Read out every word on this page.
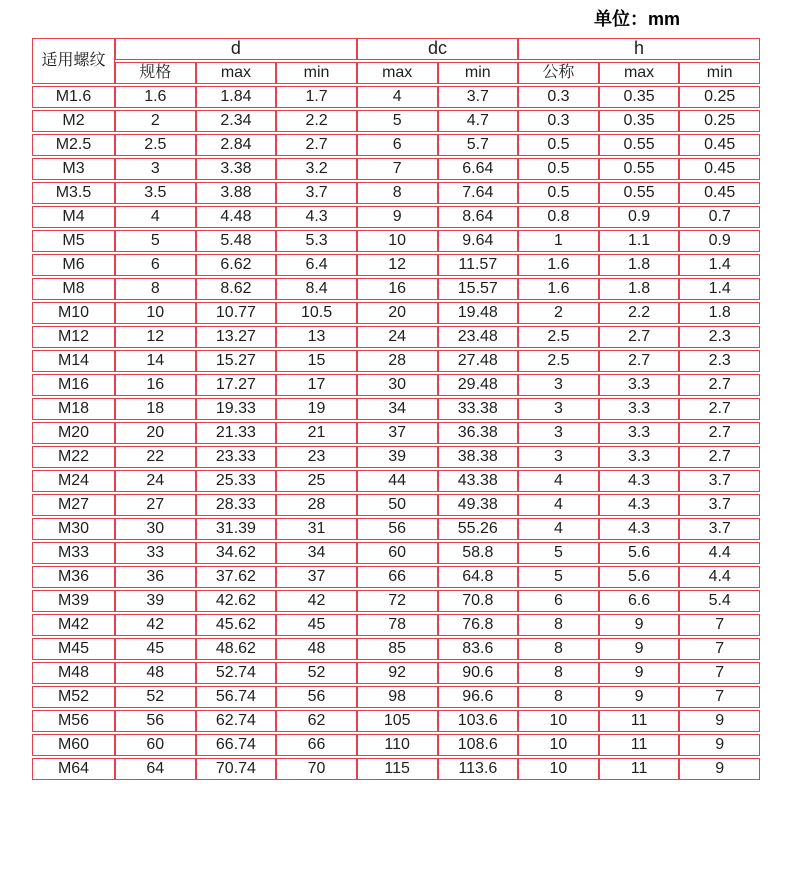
单位：mm
适用螺纹	d			dc		h		
	规格	max	min	max	min	公称	max	min
M1.6	1.6	1.84	1.7	4	3.7	0.3	0.35	0.25
M2	2	2.34	2.2	5	4.7	0.3	0.35	0.25
M2.5	2.5	2.84	2.7	6	5.7	0.5	0.55	0.45
M3	3	3.38	3.2	7	6.64	0.5	0.55	0.45
M3.5	3.5	3.88	3.7	8	7.64	0.5	0.55	0.45
M4	4	4.48	4.3	9	8.64	0.8	0.9	0.7
M5	5	5.48	5.3	10	9.64	1	1.1	0.9
M6	6	6.62	6.4	12	11.57	1.6	1.8	1.4
M8	8	8.62	8.4	16	15.57	1.6	1.8	1.4
M10	10	10.77	10.5	20	19.48	2	2.2	1.8
M12	12	13.27	13	24	23.48	2.5	2.7	2.3
M14	14	15.27	15	28	27.48	2.5	2.7	2.3
M16	16	17.27	17	30	29.48	3	3.3	2.7
M18	18	19.33	19	34	33.38	3	3.3	2.7
M20	20	21.33	21	37	36.38	3	3.3	2.7
M22	22	23.33	23	39	38.38	3	3.3	2.7
M24	24	25.33	25	44	43.38	4	4.3	3.7
M27	27	28.33	28	50	49.38	4	4.3	3.7
M30	30	31.39	31	56	55.26	4	4.3	3.7
M33	33	34.62	34	60	58.8	5	5.6	4.4
M36	36	37.62	37	66	64.8	5	5.6	4.4
M39	39	42.62	42	72	70.8	6	6.6	5.4
M42	42	45.62	45	78	76.8	8	9	7
M45	45	48.62	48	85	83.6	8	9	7
M48	48	52.74	52	92	90.6	8	9	7
M52	52	56.74	56	98	96.6	8	9	7
M56	56	62.74	62	105	103.6	10	11	9
M60	60	66.74	66	110	108.6	10	11	9
M64	64	70.74	70	115	113.6	10	11	9
